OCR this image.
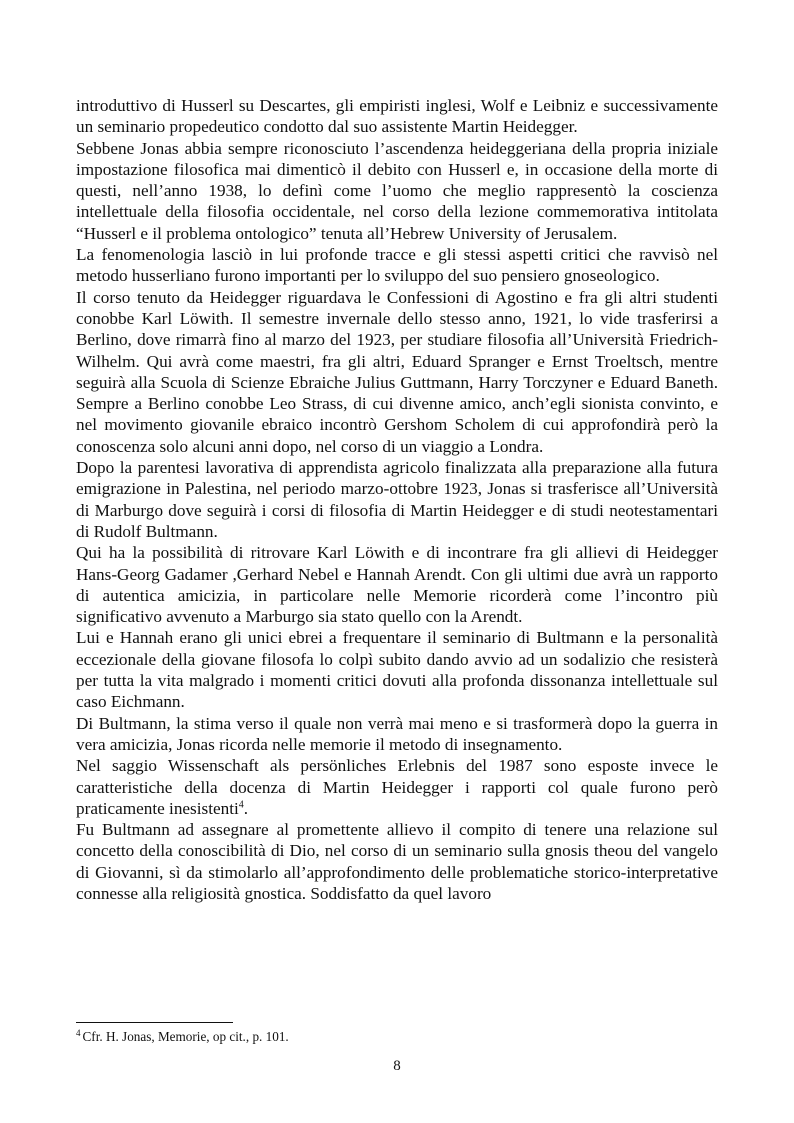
introduttivo di Husserl su Descartes, gli empiristi inglesi, Wolf e Leibniz e successivamente un seminario propedeutico condotto dal suo assistente Martin Heidegger.

Sebbene Jonas abbia sempre riconosciuto l’ascendenza heideggeriana della propria iniziale impostazione filosofica mai dimenticò il debito con Husserl e, in occasione della morte di questi, nell’anno 1938, lo definì come l’uomo che meglio rappresentò la coscienza intellettuale della filosofia occidentale, nel corso della lezione commemorativa intitolata “Husserl e il problema ontologico” tenuta all’Hebrew University of Jerusalem.

La fenomenologia lasciò in lui profonde tracce e gli stessi aspetti critici che ravvisò nel metodo husserliano furono importanti per lo sviluppo del suo pensiero gnoseologico.

Il corso tenuto da Heidegger riguardava le Confessioni di Agostino e fra gli altri studenti conobbe Karl Löwith. Il semestre invernale dello stesso anno, 1921, lo vide trasferirsi a Berlino, dove rimarrà fino al marzo del 1923, per studiare filosofia all’Università Friedrich-Wilhelm. Qui avrà come maestri, fra gli altri, Eduard Spranger e Ernst Troeltsch, mentre seguirà alla Scuola di Scienze Ebraiche Julius Guttmann, Harry Torczyner e Eduard Baneth. Sempre a Berlino conobbe Leo Strass, di cui divenne amico, anch’egli sionista convinto, e nel movimento giovanile ebraico incontrò Gershom Scholem di cui approfondirà però la conoscenza solo alcuni anni dopo, nel corso di un viaggio a Londra.

Dopo la parentesi lavorativa di apprendista agricolo finalizzata alla preparazione alla futura emigrazione in Palestina, nel periodo marzo-ottobre 1923, Jonas si trasferisce all’Università di Marburgo dove seguirà i corsi di filosofia di Martin Heidegger e di studi neotestamentari di Rudolf Bultmann.

Qui ha la possibilità di ritrovare Karl Löwith e di incontrare fra gli allievi di Heidegger Hans-Georg Gadamer ,Gerhard Nebel e Hannah Arendt. Con gli ultimi due avrà un rapporto di autentica amicizia, in particolare nelle Memorie ricorderà come l’incontro più significativo avvenuto a Marburgo sia stato quello con la Arendt.

Lui e Hannah erano gli unici ebrei a frequentare il seminario di Bultmann e la personalità eccezionale della giovane filosofa lo colpì subito dando avvio ad un sodalizio che resisterà per tutta la vita malgrado i momenti critici dovuti alla profonda dissonanza intellettuale sul caso Eichmann.

Di Bultmann, la stima verso il quale non verrà mai meno e si trasformerà dopo la guerra in vera amicizia, Jonas ricorda nelle memorie il metodo di insegnamento.

Nel saggio Wissenschaft als persönliches Erlebnis del 1987 sono esposte invece le caratteristiche della docenza di Martin Heidegger i rapporti col quale furono però praticamente inesistenti$^4$.

Fu Bultmann ad assegnare al promettente allievo il compito di tenere una relazione sul concetto della conoscibilità di Dio, nel corso di un seminario sulla gnosis theou del vangelo di Giovanni, sì da stimolarlo all’approfondimento delle problematiche storico-interpretative connesse alla religiosità gnostica. Soddisfatto da quel lavoro

$^4$ Cfr. H. Jonas, Memorie, op cit., p. 101.
8
